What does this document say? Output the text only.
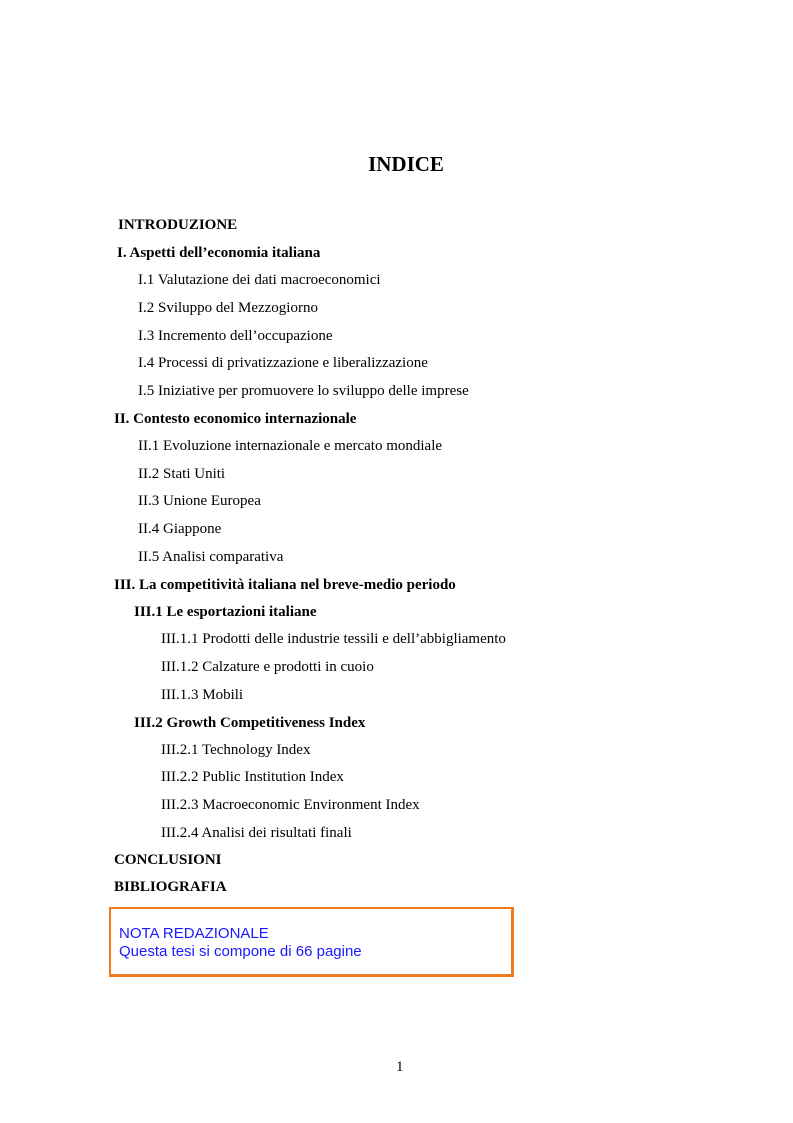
INDICE
INTRODUZIONE
I. Aspetti dell’economia italiana
I.1 Valutazione dei dati macroeconomici
I.2 Sviluppo del Mezzogiorno
I.3 Incremento dell’occupazione
I.4 Processi di privatizzazione e liberalizzazione
I.5 Iniziative per promuovere lo sviluppo delle imprese
II. Contesto economico internazionale
II.1 Evoluzione internazionale e mercato mondiale
II.2 Stati Uniti
II.3 Unione Europea
II.4 Giappone
II.5 Analisi comparativa
III. La competitività italiana nel breve-medio periodo
III.1 Le esportazioni italiane
III.1.1 Prodotti delle industrie tessili e dell’abbigliamento
III.1.2 Calzature e prodotti in cuoio
III.1.3 Mobili
III.2 Growth Competitiveness Index
III.2.1 Technology Index
III.2.2 Public Institution Index
III.2.3 Macroeconomic Environment Index
III.2.4 Analisi dei risultati finali
CONCLUSIONI
BIBLIOGRAFIA
NOTA REDAZIONALE
Questa tesi si compone di 66 pagine
1
